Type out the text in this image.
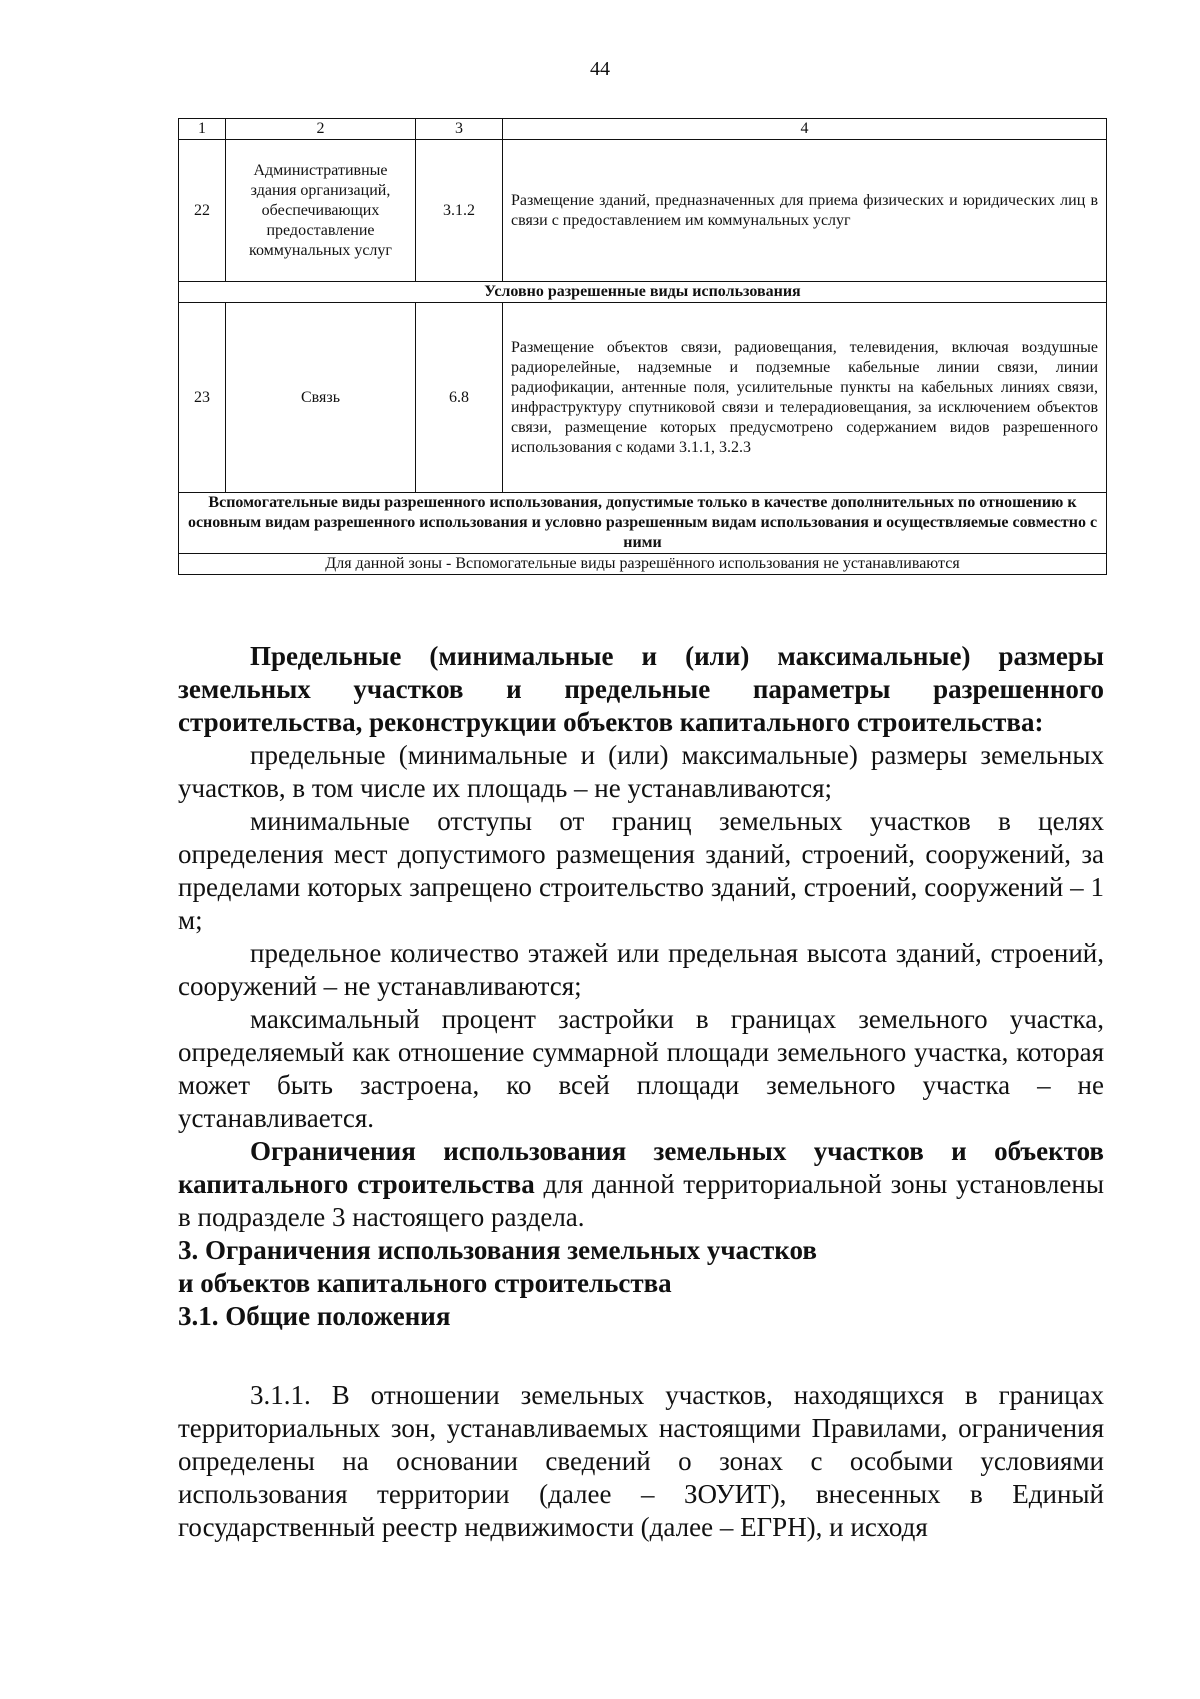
44
1	2	3	4
22	Административные здания организаций, обеспечивающих предоставление коммунальных услуг	3.1.2	Размещение зданий, предназначенных для приема физических и юридических лиц в связи с предоставлением им коммунальных услуг
Условно разрешенные виды использования			
23	Связь	6.8	Размещение объектов связи, радиовещания, телевидения, включая воздушные радиорелейные, надземные и подземные кабельные линии связи, линии радиофикации, антенные поля, усилительные пункты на кабельных линиях связи, инфраструктуру спутниковой связи и телерадиовещания, за исключением объектов связи, размещение которых предусмотрено содержанием видов разрешенного использования с кодами 3.1.1, 3.2.3
Вспомогательные виды разрешенного использования, допустимые только в качестве дополнительных по отношению к основным видам разрешенного использования и условно разрешенным видам использования и осуществляемые совместно с ними			
Для данной зоны - Вспомогательные виды разрешённого использования не устанавливаются			

Предельные (минимальные и (или) максимальные) размеры земельных участков и предельные параметры разрешенного строительства, реконструкции объектов капитального строительства:

предельные (минимальные и (или) максимальные) размеры земельных участков, в том числе их площадь – не устанавливаются;

минимальные отступы от границ земельных участков в целях определения мест допустимого размещения зданий, строений, сооружений, за пределами которых запрещено строительство зданий, строений, сооружений – 1 м;

предельное количество этажей или предельная высота зданий, строений, сооружений – не устанавливаются;

максимальный процент застройки в границах земельного участка, определяемый как отношение суммарной площади земельного участка, которая может быть застроена, ко всей площади земельного участка – не устанавливается.

Ограничения использования земельных участков и объектов капитального строительства для данной территориальной зоны установлены в подразделе 3 настоящего раздела.

3. Ограничения использования земельных участков
и объектов капитального строительства

3.1. Общие положения

3.1.1. В отношении земельных участков, находящихся в границах территориальных зон, устанавливаемых настоящими Правилами, ограничения определены на основании сведений о зонах с особыми условиями использования территории (далее – ЗОУИТ), внесенных в Единый государственный реестр недвижимости (далее – ЕГРН), и исходя
